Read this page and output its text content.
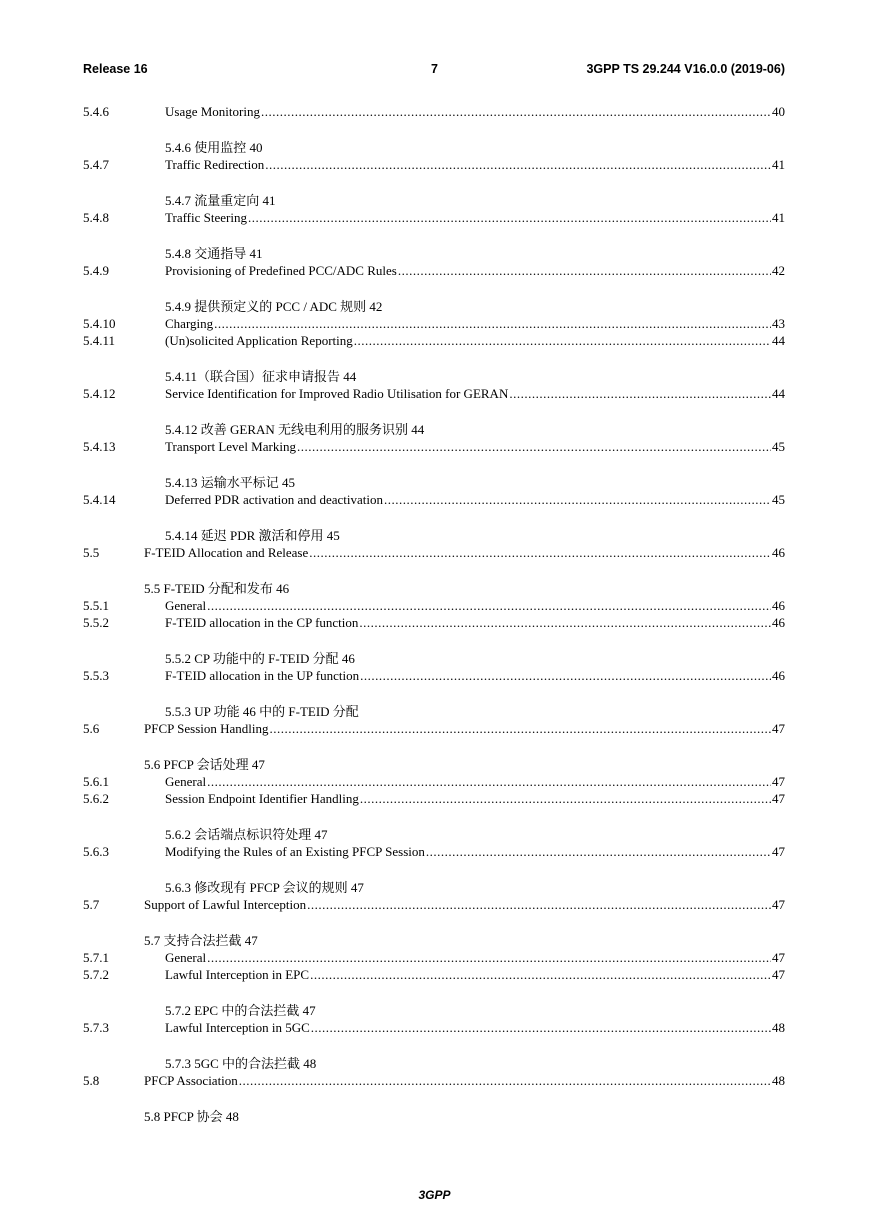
Release 16	7	3GPP TS 29.244 V16.0.0 (2019-06)
5.4.6	Usage Monitoring .....	40
5.4.6 使用监控 40
5.4.7	Traffic Redirection .....	41
5.4.7 流量重定向 41
5.4.8	Traffic Steering .....	41
5.4.8 交通指导 41
5.4.9	Provisioning of Predefined PCC/ADC Rules .....	42
5.4.9 提供预定义的 PCC / ADC 规则 42
5.4.10	Charging .....	43
5.4.11	(Un)solicited Application Reporting .....	44
5.4.11（联合国）征求申请报告 44
5.4.12	Service Identification for Improved Radio Utilisation for GERAN .....	44
5.4.12 改善 GERAN 无线电利用的服务识别 44
5.4.13	Transport Level Marking .....	45
5.4.13 运输水平标记 45
5.4.14	Deferred PDR activation and deactivation .....	45
5.4.14 延迟 PDR 激活和停用 45
5.5	F-TEID Allocation and Release .....	46
5.5 F-TEID 分配和发布 46
5.5.1	General .....	46
5.5.2	F-TEID allocation in the CP function .....	46
5.5.2 CP 功能中的 F-TEID 分配 46
5.5.3	F-TEID allocation in the UP function .....	46
5.5.3 UP 功能 46 中的 F-TEID 分配
5.6	PFCP Session Handling .....	47
5.6 PFCP 会话处理 47
5.6.1	General .....	47
5.6.2	Session Endpoint Identifier Handling .....	47
5.6.2 会话端点标识符处理 47
5.6.3	Modifying the Rules of an Existing PFCP Session .....	47
5.6.3 修改现有 PFCP 会议的规则 47
5.7	Support of Lawful Interception .....	47
5.7 支持合法拦截 47
5.7.1	General .....	47
5.7.2	Lawful Interception in EPC .....	47
5.7.2 EPC 中的合法拦截 47
5.7.3	Lawful Interception in 5GC .....	48
5.7.3 5GC 中的合法拦截 48
5.8	PFCP Association .....	48
5.8 PFCP 协会 48
3GPP
